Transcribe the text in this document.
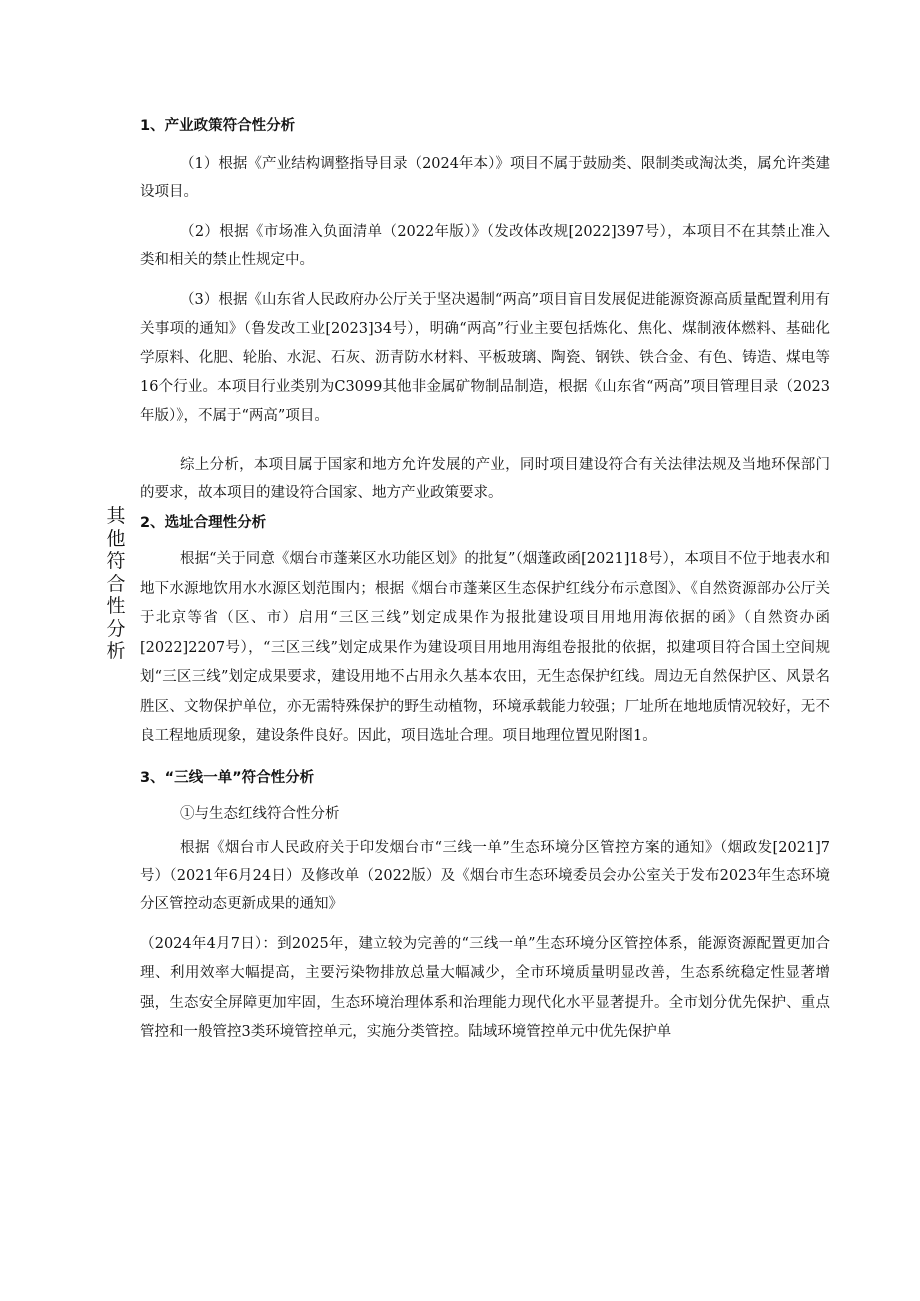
其他符合性分析

1、产业政策符合性分析

（1）根据《产业结构调整指导目录（2024年本）》项目不属于鼓励类、限制类或淘汰类，属允许类建设项目。

（2）根据《市场准入负面清单（2022年版）》（发改体改规[2022]397号），本项目不在其禁止准入类和相关的禁止性规定中。

（3）根据《山东省人民政府办公厅关于坚决遏制“两高”项目盲目发展促进能源资源高质量配置利用有关事项的通知》（鲁发改工业[2023]34号），明确“两高”行业主要包括炼化、焦化、煤制液体燃料、基础化学原料、化肥、轮胎、水泥、石灰、沥青防水材料、平板玻璃、陶瓷、钢铁、铁合金、有色、铸造、煤电等16个行业。本项目行业类别为C3099其他非金属矿物制品制造，根据《山东省“两高”项目管理目录（2023年版）》，不属于“两高”项目。

综上分析，本项目属于国家和地方允许发展的产业，同时项目建设符合有关法律法规及当地环保部门的要求，故本项目的建设符合国家、地方产业政策要求。

2、选址合理性分析

根据“关于同意《烟台市蓬莱区水功能区划》的批复”（烟蓬政函[2021]18号），本项目不位于地表水和地下水源地饮用水水源区划范围内；根据《烟台市蓬莱区生态保护红线分布示意图》、《自然资源部办公厅关于北京等省（区、市）启用“三区三线”划定成果作为报批建设项目用地用海依据的函》（自然资办函[2022]2207号），“三区三线”划定成果作为建设项目用地用海组卷报批的依据，拟建项目符合国土空间规划“三区三线”划定成果要求，建设用地不占用永久基本农田，无生态保护红线。周边无自然保护区、风景名胜区、文物保护单位，亦无需特殊保护的野生动植物，环境承载能力较强；厂址所在地地质情况较好，无不良工程地质现象，建设条件良好。因此，项目选址合理。项目地理位置见附图1。

3、“三线一单”符合性分析

①与生态红线符合性分析

根据《烟台市人民政府关于印发烟台市“三线一单”生态环境分区管控方案的通知》（烟政发[2021]7号）（2021年6月24日）及修改单（2022版）及《烟台市生态环境委员会办公室关于发布2023年生态环境分区管控动态更新成果的通知》

（2024年4月7日）：到2025年，建立较为完善的“三线一单”生态环境分区管控体系，能源资源配置更加合理、利用效率大幅提高，主要污染物排放总量大幅减少，全市环境质量明显改善，生态系统稳定性显著增强，生态安全屏障更加牢固，生态环境治理体系和治理能力现代化水平显著提升。全市划分优先保护、重点管控和一般管控3类环境管控单元，实施分类管控。陆域环境管控单元中优先保护单
